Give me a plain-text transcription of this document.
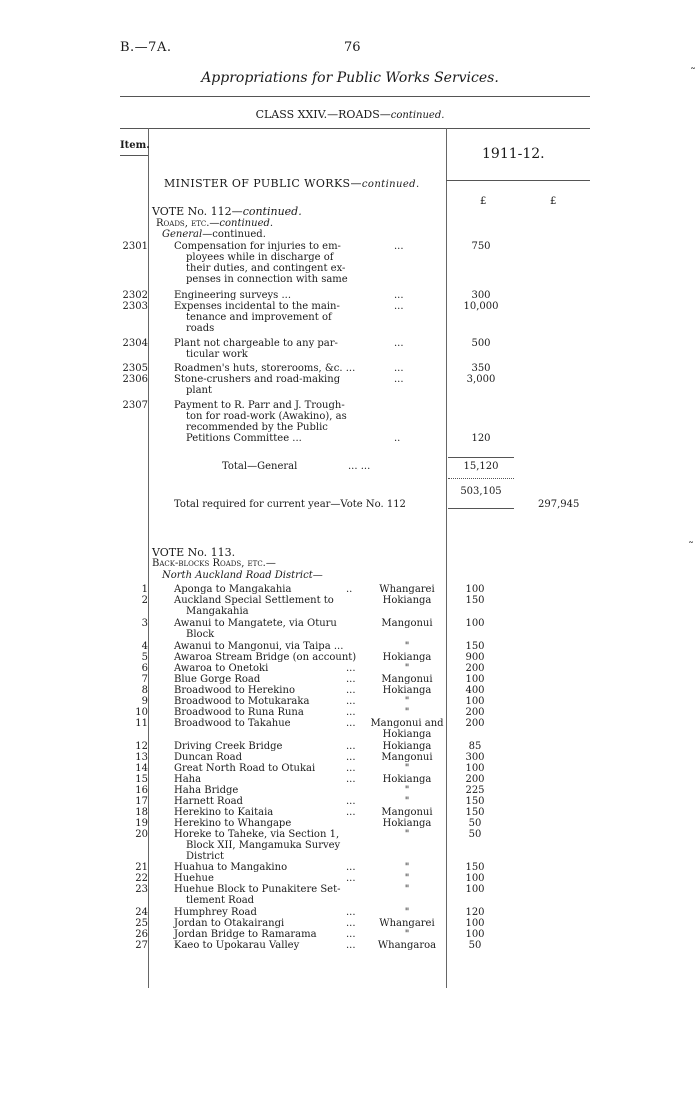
B.—7A.	76
Appropriations for Public Works Services.
CLASS XXIV.—ROADS—continued.
Item.
1911-12.
£	£
MINISTER OF PUBLIC WORKS—continued.
VOTE No. 112—continued.
Roads, etc.—continued.
General—continued.
2301	Compensation for injuries to em-
ployees while in discharge of
their duties, and contingent ex-
penses in connection with same
...	750
2302	Engineering surveys ...	...	300
2303	Expenses incidental to the main-
tenance and improvement of
roads
...	10,000
2304	Plant not chargeable to any par-
ticular work
...	500
2305	Roadmen's huts, storerooms, &c. ...	...	350
2306	Stone-crushers and road-making
plant
...	3,000
2307	Payment to R. Parr and J. Trough-
ton for road-work (Awakino), as
recommended by the Public
Petitions Committee ...	..	120
Total—General	... ...	15,120
503,105
Total required for current year—Vote No. 112	297,945
VOTE No. 113.
Back-blocks Roads, etc.—
North Auckland Road District—
1	Aponga to Mangakahia	..	Whangarei	100
2	Auckland Special Settlement to
Mangakahia
Hokianga	150
3	Awanui to Mangatete, via Oturu
Block
Mangonui	100
4	Awanui to Mangonui, via Taipa ...	"	150
5	Awaroa Stream Bridge (on account)	Hokianga	900
6	Awaroa to Onetoki	...	"	200
7	Blue Gorge Road	...	Mangonui	100
8	Broadwood to Herekino	...	Hokianga	400
9	Broadwood to Motukaraka	...	"	100
10	Broadwood to Runa Runa	...	"	200
11	Broadwood to Takahue	... Mangonui and
Hokianga
200
12	Driving Creek Bridge	...	Hokianga	85
13	Duncan Road	...	Mangonui	300
14	Great North Road to Otukai	...	"	100
15	Haha	...	Hokianga	200
16	Haha Bridge	"	225
17	Harnett Road	...	"	150
18	Herekino to Kaitaia	...	Mangonui	150
19	Herekino to Whangape	Hokianga	50
20	Horeke to Taheke, via Section 1,
Block XII, Mangamuka Survey
District
"	50
21	Huahua to Mangakino	...	"	150
22	Huehue	...	"	100
23	Huehue Block to Punakitere Set-
tlement Road
"	100
24	Humphrey Road	...	"	120
25	Jordan to Otakairangi	...	Whangarei	100
26	Jordan Bridge to Ramarama	...	"	100
27	Kaeo to Upokarau Valley	...	Whangaroa	50
˜
˜
